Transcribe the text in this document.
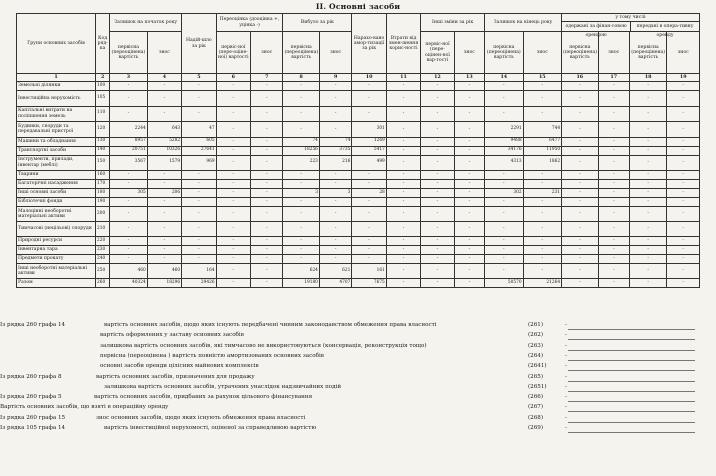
II. Основні засоби
Групи основних засобів	Код ряд-ка	Залишок на початок року		Надій-шло за рік	Переоцінка (дооцінка +, уцінка -)		Вибуло за рік		Нарахо-вано амор-тизації за рік	Втрати від змен-шення корис-ності	Інші зміни за рік		Залишок на кінець року		у тому числі
одержані за фінан-совою орендою
передані в опера-тивну оренду			

		первісна (переоцінена) вартість	знос		первіс-ної (пере-оціне-ної) вартості	знос	первісна (переоцінена) вартість	знос			первіс-ної (пере-оцінен-ної вар-тості	знос	первісна (переоцінена) вартість	знос	первісна (переоцінена) вартість	знос	первісна (переоцінена) вартість	знос
1	2	3	4	5	6	7	8	9	10	11	12	13	14	15	16	17	18	19
Земельні ділянки	100	-	-	-	-	-	-	-	-	-	-	-	-	-	-	-	-	-
Інвестиційна нерухомість	105	-	-	-	-	-	-	-	-	-	-	-	-	-	-	-	-	-
Капітальні витрати на поліпшення земель	110	-	-	-	-	-	-	-	-	-	-	-	-	-	-	-	-	-
Будинки, споруди та передавальні пристрої	120	2244	643	47	-	-	-	-	301	-	-	-	2291	744	-	-	-	-
Машини та обладнання	130	8957	5282	605	-	-	74	74	1269	-	-	-	9488	6477	-	-	-	-
Транспортні засоби	140	20751	10326	27641	-	-	18256	3735	5417	-	-	-	34176	11950	-	-	-	-
Інструменти, прилади, інвентар (меблі)	150	3567	1579	969	-	-	223	216	499	-	-	-	4313	1862	-	-	-	-
Тварини	160	-	-	-	-	-	-	-	-	-	-	-	-	-	-	-	-	-
Багаторічні насадження	170	-	-	-	-	-	-	-	-	-	-	-	-	-	-	-	-	-
Інші основні засоби	180	305	206	-	-	-	3	3	28	-	-	-	302	231	-	-	-	-
Бібліотечні фонди	190	-	-	-	-	-	-	-	-	-	-	-	-	-	-	-	-	-
Малоцінні необоротні матеріальні активи	200	-	-	-	-	-	-	-	-	-	-	-	-	-	-	-	-	-
Тимчасові (нецільові) споруди	210	-	-	-	-	-	-	-	-	-	-	-	-	-	-	-	-	-
Природні ресурси	220	-	-	-	-	-	-	-	-	-	-	-	-	-	-	-	-	-
Інвентарна тара	230	-	-	-	-	-	-	-	-	-	-	-	-	-	-	-	-	-
Предмети прокату	240	-	-	-	-	-	-	-	-	-	-	-	-	-	-	-	-	-
Інші необоротні матеріальні активи	250	460	460	164	-	-	624	621	161	-	-	-	-	-	-	-	-	-
Разом	260	40324	18296	29426	-	-	19180	4707	7675	-	-	-	50570	21264	-	-	-	-
Із рядка 260 графа 14	вартість основних засобів, щодо яких існують передбачені чинним законодавством обмеження права власності	(261)	-
вартість оформлених у заставу основних засобів	(262)	-
залишкова вартість основних засобів, які тимчасово не використовуються (консервація, реконструкція тощо)	(263)	-
первісна (переоцінена ) вартість повністю амортизованих основних засобів	(264)	-
основні засоби оренди цілісних майнових комплексів	(2641)	-
Із рядка 260 графа 8	вартість основних засобів, призначених для продажу	(265)	-
залишкова вартість основних засобів, утрачених унаслідок надзвичайних подій	(2651)	-
Із рядка 260 графа 5	вартість основних засобів, придбаних за рахунок цільового фінансування	(266)	-
Вартість основних засобів, що взяті в операційну оренду	(267)	-
Із рядка 260 графа 15	знос основних засобів, щодо яких існують обмеження права власності	(268)	-
Із рядка 105 графа 14	вартість інвестиційної нерухомості, оціненої за справедливою вартістю	(269)	-
